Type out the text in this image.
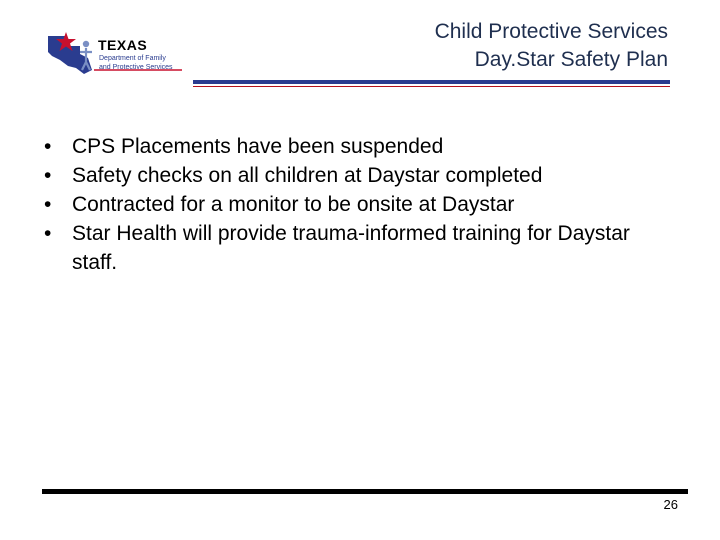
TEXAS
Department of Family
and Protective Services
Child Protective Services
Day.Star Safety Plan
• CPS Placements have been suspended
• Safety checks on all children at Daystar completed
• Contracted for a monitor to be onsite at Daystar
• Star Health will provide trauma-informed training for Daystar staff.
26
